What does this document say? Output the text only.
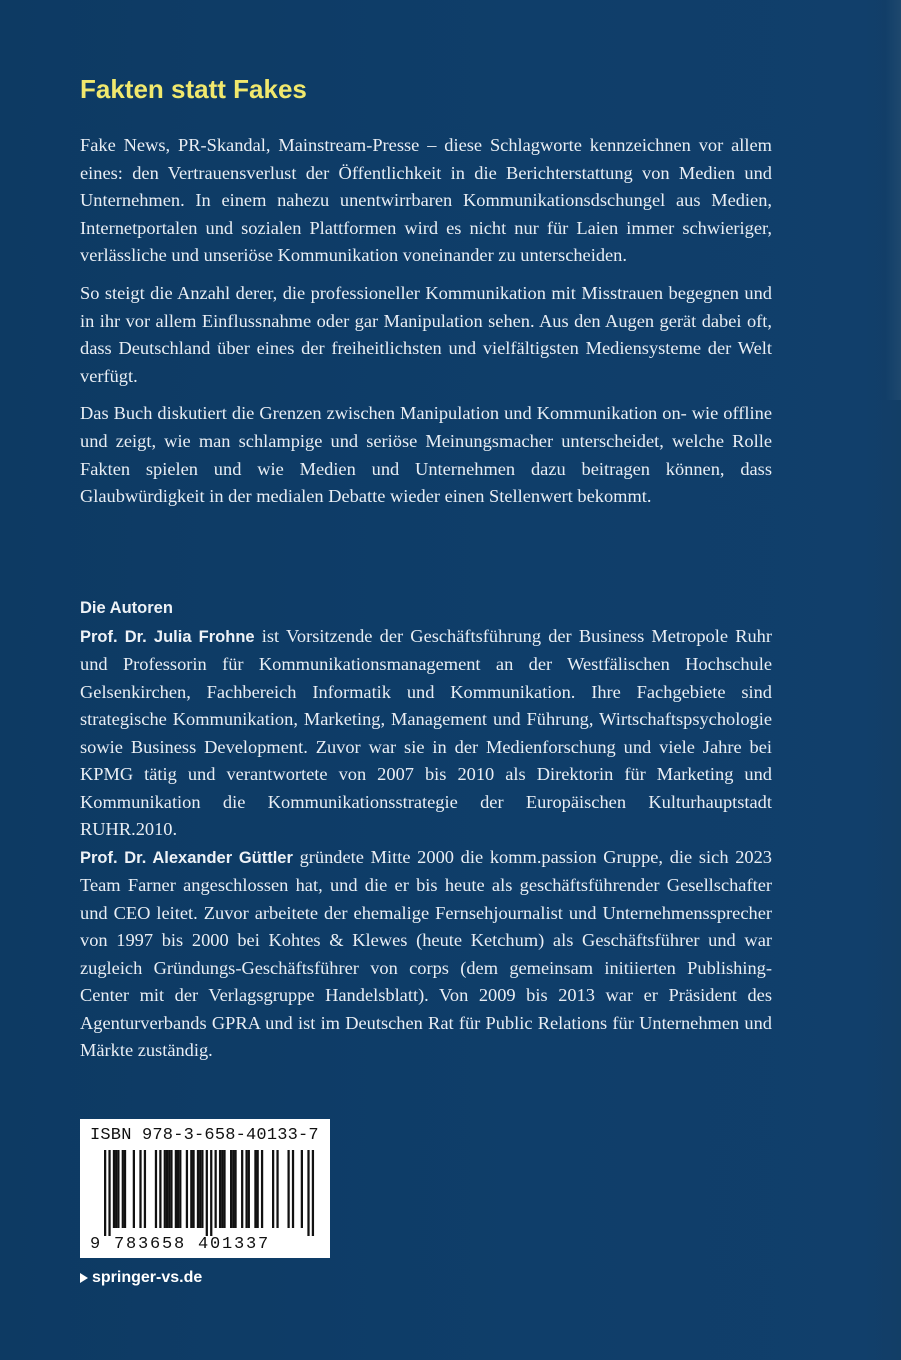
Fakten statt Fakes

Fake News, PR-Skandal, Mainstream-Presse – diese Schlagworte kennzeichnen vor allem eines: den Vertrauensverlust der Öffentlichkeit in die Berichterstattung von Medien und Unternehmen. In einem nahezu unentwirrbaren Kommunikationsdschungel aus Medien, Internetportalen und sozialen Plattformen wird es nicht nur für Laien immer schwieriger, verlässliche und unseriöse Kommunikation voneinander zu unterscheiden.

So steigt die Anzahl derer, die professioneller Kommunikation mit Misstrauen begegnen und in ihr vor allem Einflussnahme oder gar Manipulation sehen. Aus den Augen gerät dabei oft, dass Deutschland über eines der freiheitlichsten und vielfältigsten Mediensysteme der Welt verfügt.

Das Buch diskutiert die Grenzen zwischen Manipulation und Kommunikation on- wie offline und zeigt, wie man schlampige und seriöse Meinungsmacher unterscheidet, welche Rolle Fakten spielen und wie Medien und Unternehmen dazu beitragen können, dass Glaubwürdigkeit in der medialen Debatte wieder einen Stellenwert bekommt.

Die Autoren

Prof. Dr. Julia Frohne ist Vorsitzende der Geschäftsführung der Business Metropole Ruhr und Professorin für Kommunikationsmanagement an der Westfälischen Hochschule Gelsenkirchen, Fachbereich Informatik und Kommunikation. Ihre Fachgebiete sind strategische Kommunikation, Marketing, Management und Führung, Wirtschaftspsychologie sowie Business Development. Zuvor war sie in der Medienforschung und viele Jahre bei KPMG tätig und verantwortete von 2007 bis 2010 als Direktorin für Marketing und Kommunikation die Kommunikationsstrategie der Europäischen Kulturhauptstadt RUHR.2010.

Prof. Dr. Alexander Güttler gründete Mitte 2000 die komm.passion Gruppe, die sich 2023 Team Farner angeschlossen hat, und die er bis heute als geschäftsführender Gesellschafter und CEO leitet. Zuvor arbeitete der ehemalige Fernsehjournalist und Unternehmenssprecher von 1997 bis 2000 bei Kohtes & Klewes (heute Ketchum) als Geschäftsführer und war zugleich Gründungs-Geschäftsführer von corps (dem gemeinsam initiierten Publishing-Center mit der Verlagsgruppe Handelsblatt). Von 2009 bis 2013 war er Präsident des Agenturverbands GPRA und ist im Deutschen Rat für Public Relations für Unternehmen und Märkte zuständig.

ISBN 978-3-658-40133-7
9 783658 401337
springer-vs.de
